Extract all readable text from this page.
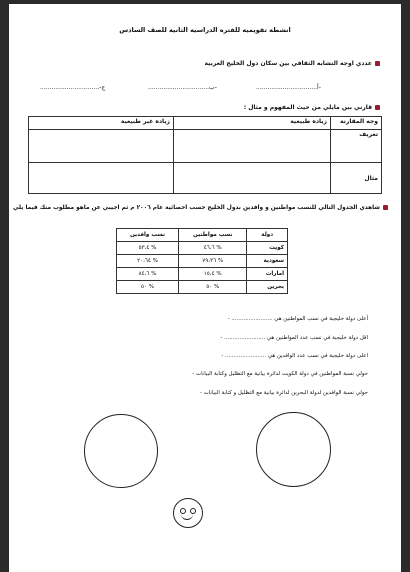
انشطه تقويميه للفتره الدراسيه الثانيه للصف السادس
عددي اوجه التشابه الثقافي بين سكان دول الخليج العربية
................................أ-
................................ب-
...............................-ج
قارني بين مايلي من حيث المفهوم و مثال :
وجه المقارنة	زياده طبيعية	زياده غير طبيعية
تعريف		
مثال		
شاهدي الجدول التالي للنسب مواطنين و وافدين بدول الخليج حسب احصائية عام ٢٠٠٦ م ثم اجيبي عن ماهو مطلوب منك فيما يلي
دولة	نسب مواطنين	نسب وافدين
كويت	% ٤٦،٦	% ٥٣،٤
سعودية	% ٧٩،٣٦	% ٢٠،٦٤
امارات	% ١٥،٤	% ٨٤،٦
بحرين	% ٥٠	% ٥٠
أعلى دولة خليجية في نسب المواطنين هي ........................ -
اقل دولة خليجية في نسب عدد المواطنين هي ........................ -
اعلى دولة خليجية في نسب عدد الوافدين هي ........................ -
حولي نسبة المواطنين في دولة الكويت لدائرة بيانية مع التظليل وكتابة البيانات -
حولي نسبة الوافدين لدولة البحرين لدائرة بيانية مع التظليل و كتابة البيانات -
